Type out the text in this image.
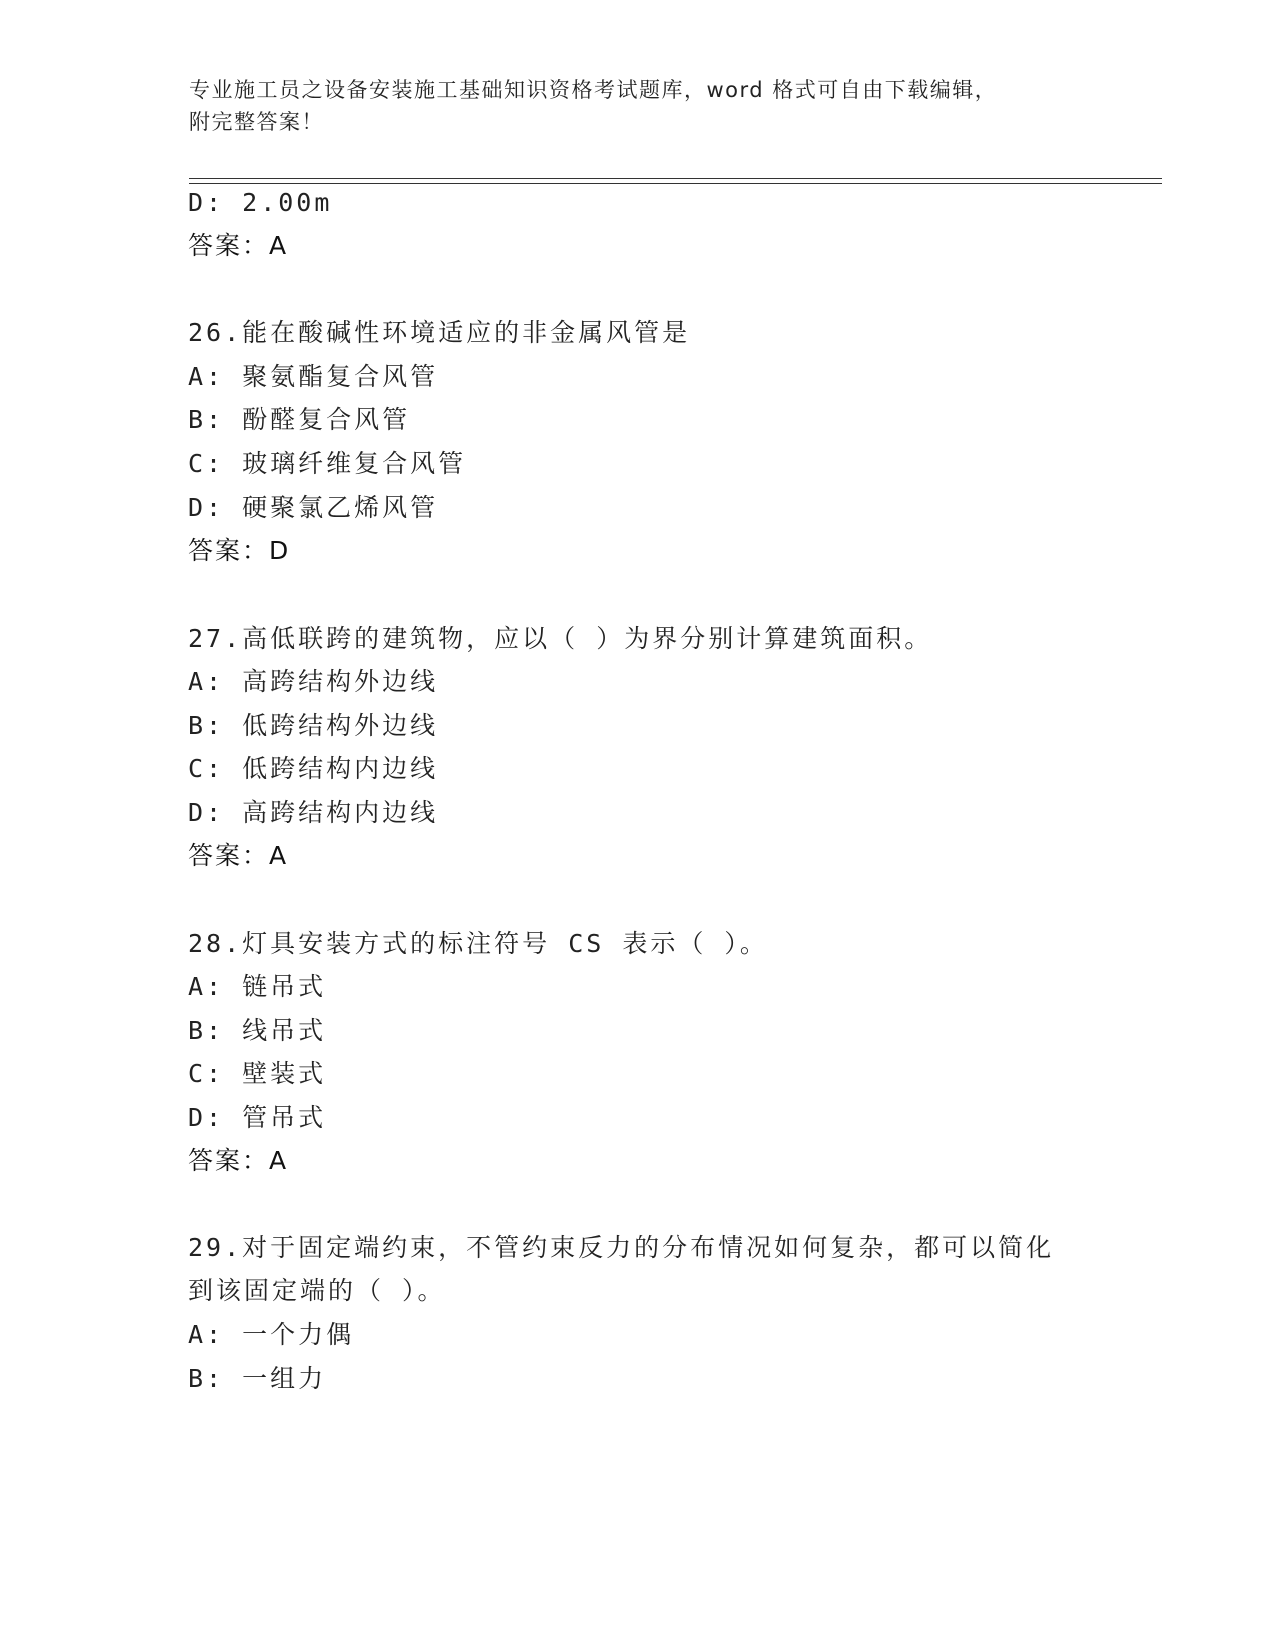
专业施工员之设备安装施工基础知识资格考试题库，word 格式可自由下载编辑，
附完整答案！
D: 2.00m
答案：A
26.能在酸碱性环境适应的非金属风管是
A: 聚氨酯复合风管
B: 酚醛复合风管
C: 玻璃纤维复合风管
D: 硬聚氯乙烯风管
答案：D
27.高低联跨的建筑物，应以（ ）为界分别计算建筑面积。
A: 高跨结构外边线
B: 低跨结构外边线
C: 低跨结构内边线
D: 高跨结构内边线
答案：A
28.灯具安装方式的标注符号 CS 表示（ ）。
A: 链吊式
B: 线吊式
C: 壁装式
D: 管吊式
答案：A
29.对于固定端约束，不管约束反力的分布情况如何复杂，都可以简化
到该固定端的（ ）。
A: 一个力偶
B: 一组力
